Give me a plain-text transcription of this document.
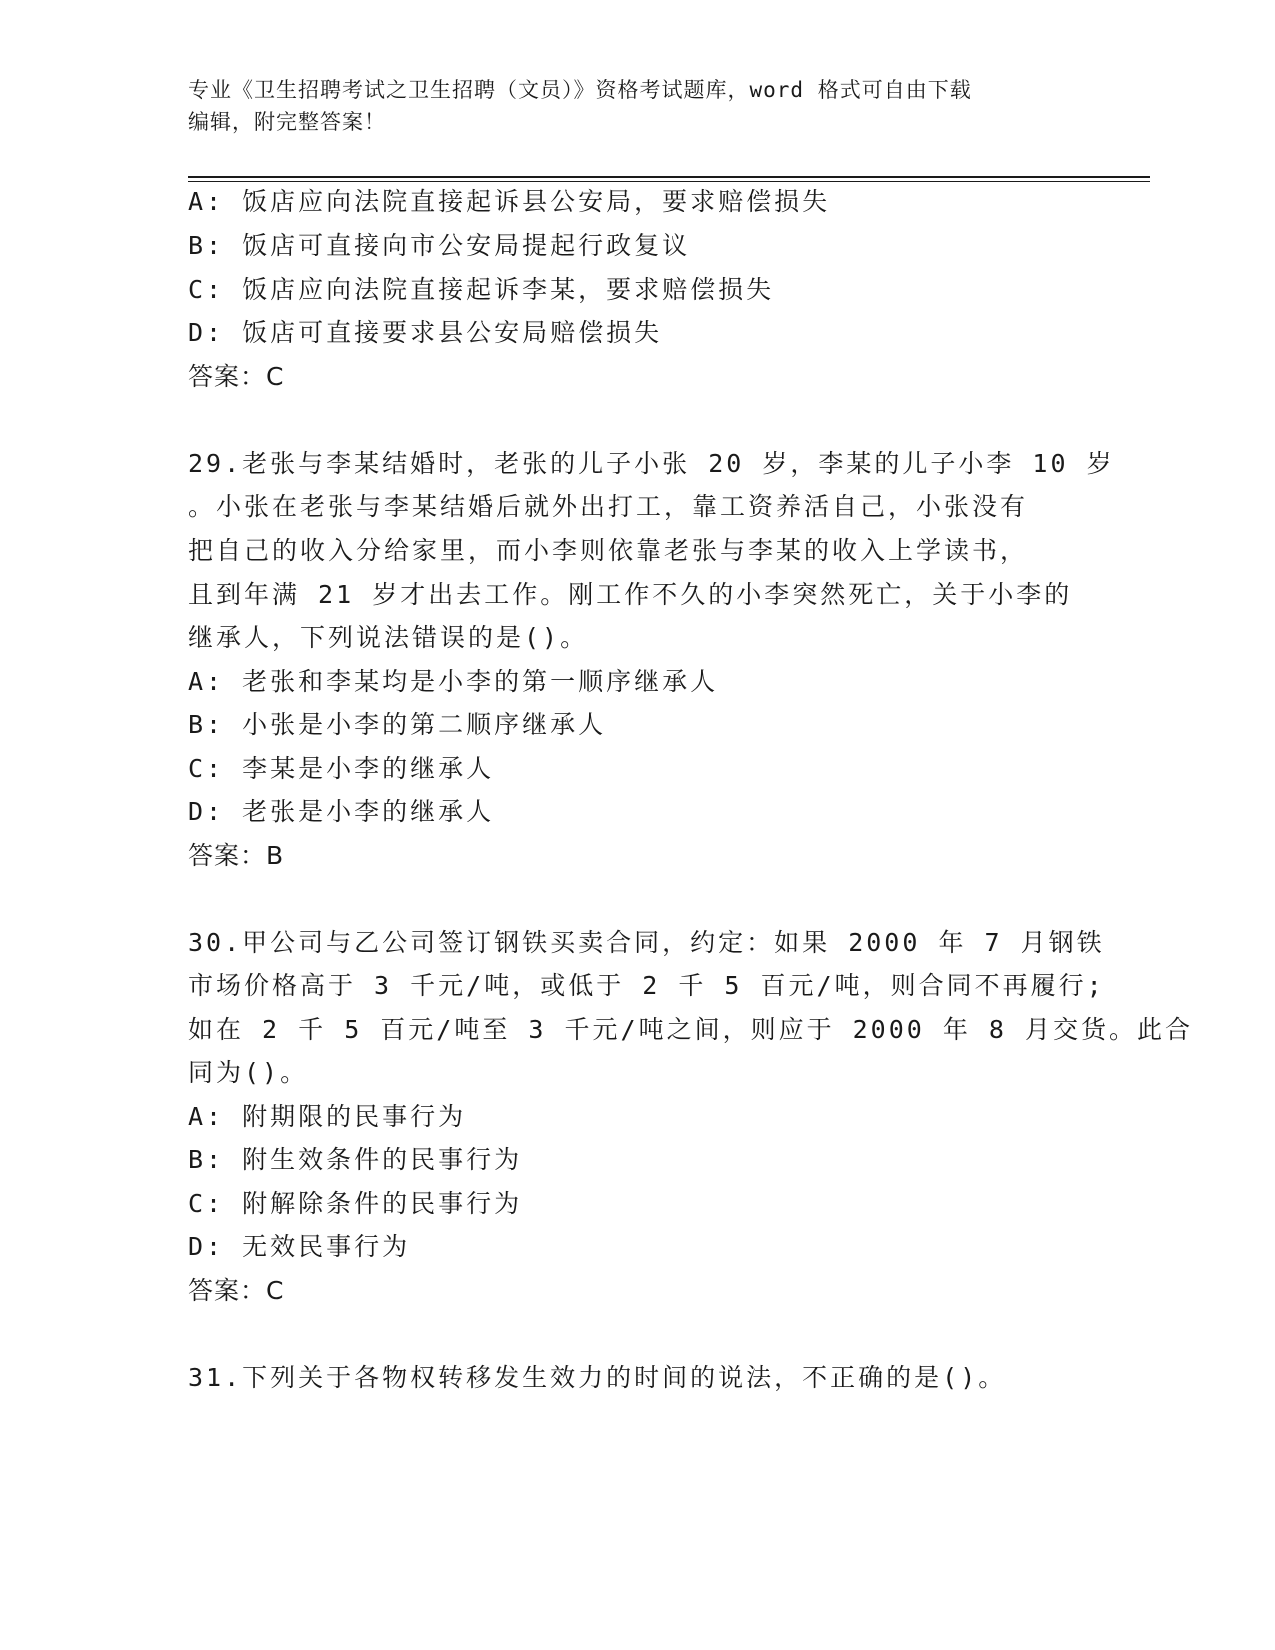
专业《卫生招聘考试之卫生招聘（文员）》资格考试题库，word 格式可自由下载
编辑，附完整答案！
A: 饭店应向法院直接起诉县公安局，要求赔偿损失
B: 饭店可直接向市公安局提起行政复议
C: 饭店应向法院直接起诉李某，要求赔偿损失
D: 饭店可直接要求县公安局赔偿损失
答案：C
29.老张与李某结婚时，老张的儿子小张 20 岁，李某的儿子小李 10 岁
。小张在老张与李某结婚后就外出打工，靠工资养活自己，小张没有
把自己的收入分给家里，而小李则依靠老张与李某的收入上学读书，
且到年满 21 岁才出去工作。刚工作不久的小李突然死亡，关于小李的
继承人，下列说法错误的是()。
A: 老张和李某均是小李的第一顺序继承人
B: 小张是小李的第二顺序继承人
C: 李某是小李的继承人
D: 老张是小李的继承人
答案：B
30.甲公司与乙公司签订钢铁买卖合同，约定：如果 2000 年 7 月钢铁
市场价格高于 3 千元/吨，或低于 2 千 5 百元/吨，则合同不再履行;
如在 2 千 5 百元/吨至 3 千元/吨之间，则应于 2000 年 8 月交货。此合
同为()。
A: 附期限的民事行为
B: 附生效条件的民事行为
C: 附解除条件的民事行为
D: 无效民事行为
答案：C
31.下列关于各物权转移发生效力的时间的说法，不正确的是()。
